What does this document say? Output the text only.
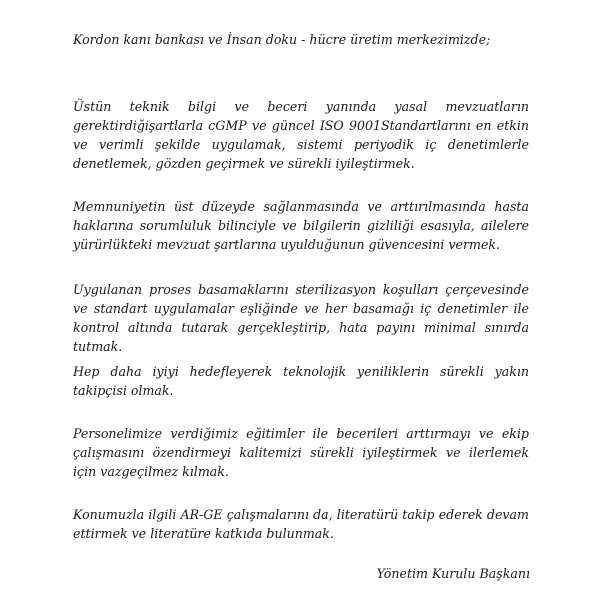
Kordon kanı bankası ve İnsan doku - hücre üretim merkezimizde;

Üstün teknik bilgi ve beceri yanında yasal mevzuatların gerektirdiğişartlarla cGMP ve güncel ISO 9001Standartlarını en etkin ve verimli şekilde uygulamak, sistemi periyodik iç denetimlerle denetlemek, gözden geçirmek ve sürekli iyileştirmek.

Memnuniyetin üst düzeyde sağlanmasında ve arttırılmasında hasta haklarına sorumluluk bilinciyle ve bilgilerin gizliliği esasıyla, ailelere yürürlükteki mevzuat şartlarına uyulduğunun güvencesini vermek.

Uygulanan proses basamaklarını sterilizasyon koşulları çerçevesinde ve standart uygulamalar eşliğinde ve her basamağı iç denetimler ile kontrol altında tutarak gerçekleştirip, hata payını minimal sınırda tutmak.

Hep daha iyiyi hedefleyerek teknolojik yeniliklerin sürekli yakın takipçisi olmak.

Personelimize verdiğimiz eğitimler ile becerileri arttırmayı ve ekip çalışmasını özendirmeyi kalitemizi sürekli iyileştirmek ve ilerlemek için vazgeçilmez kılmak.

Konumuzla ilgili AR-GE çalışmalarını da, literatürü takip ederek devam ettirmek ve literatüre katkıda bulunmak.

Yönetim Kurulu Başkanı
